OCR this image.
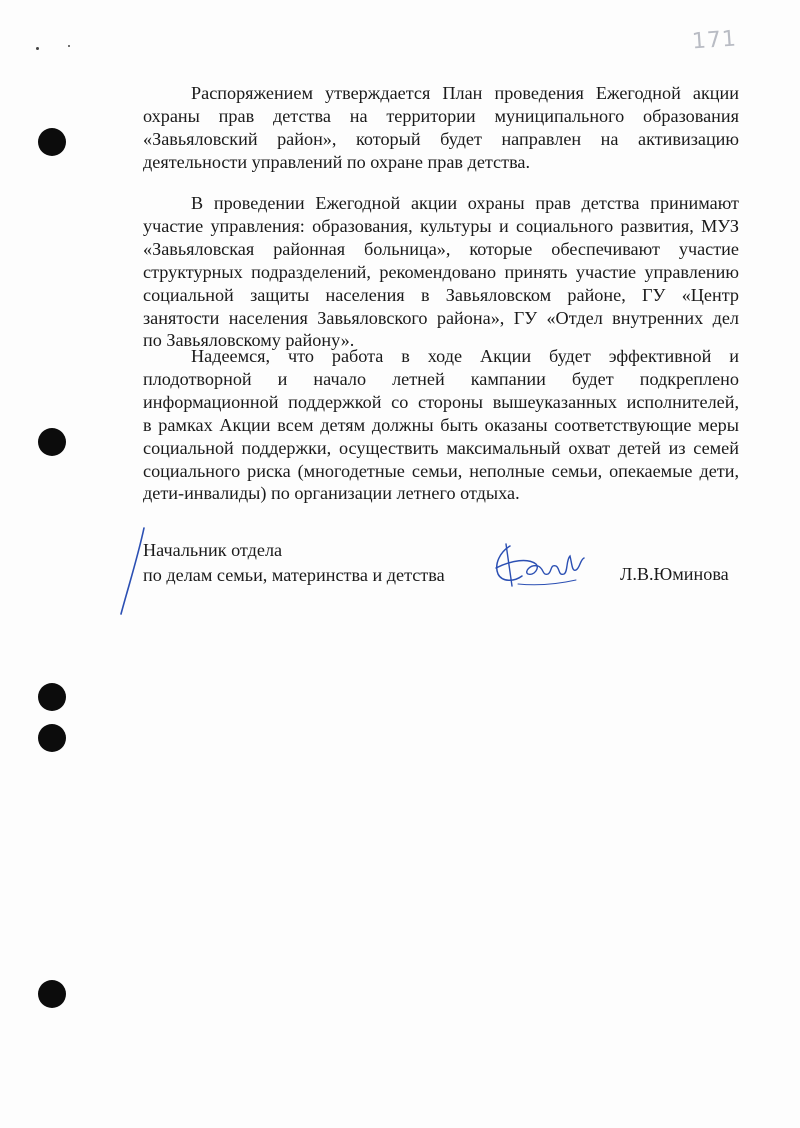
171
Распоряжением утверждается План проведения Ежегодной акции
охраны прав детства на территории муниципального образования
«Завьяловский район», который будет направлен на активизацию
деятельности управлений по охране прав детства.
В проведении Ежегодной акции охраны прав детства принимают
участие управления: образования, культуры и социального развития, МУЗ
«Завьяловская районная больница», которые обеспечивают участие
структурных подразделений, рекомендовано принять участие управлению
социальной защиты населения в Завьяловском районе, ГУ «Центр
занятости населения Завьяловского района», ГУ «Отдел внутренних дел
по Завьяловскому району».
Надеемся, что работа в ходе Акции будет эффективной и
плодотворной и начало летней кампании будет подкреплено
информационной поддержкой со стороны вышеуказанных исполнителей,
в рамках Акции всем детям должны быть оказаны соответствующие меры
социальной поддержки, осуществить максимальный охват детей из семей
социального риска (многодетные семьи, неполные семьи, опекаемые дети,
дети-инвалиды) по организации летнего отдыха.
Начальник отдела
по делам семьи, материнства и детства	Л.В.Юминова
